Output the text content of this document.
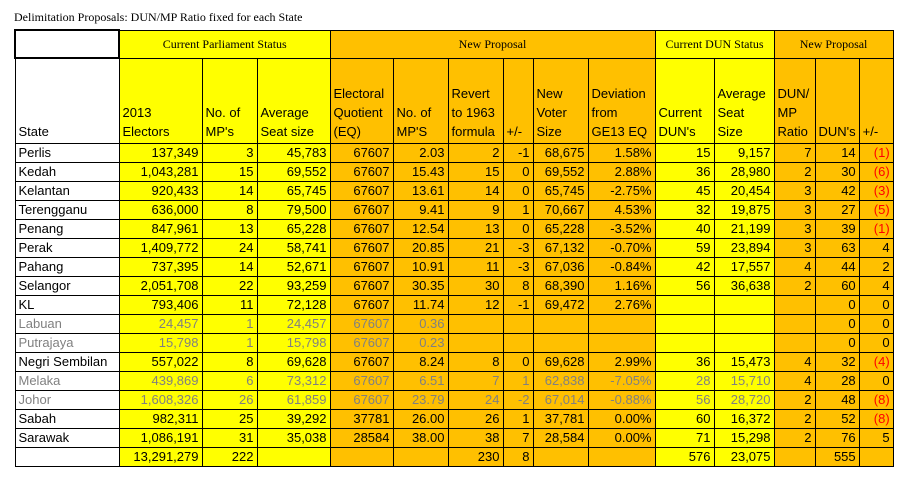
Delimitation Proposals: DUN/MP Ratio fixed for each State
	Current Parliament Status			New Proposal						Current DUN Status		New Proposal		
State	2013 Electors	No. of MP's	Average Seat size	Electoral Quotient (EQ)	No. of MP'S	Revert to 1963 formula	+/-	New Voter Size	Deviation from GE13 EQ	Current DUN's	Average Seat Size	DUN/ MP Ratio	DUN's	+/-
Perlis	137,349	3	45,783	67607	2.03	2	-1	68,675	1.58%	15	9,157	7	14	(1)
Kedah	1,043,281	15	69,552	67607	15.43	15	0	69,552	2.88%	36	28,980	2	30	(6)
Kelantan	920,433	14	65,745	67607	13.61	14	0	65,745	-2.75%	45	20,454	3	42	(3)
Terengganu	636,000	8	79,500	67607	9.41	9	1	70,667	4.53%	32	19,875	3	27	(5)
Penang	847,961	13	65,228	67607	12.54	13	0	65,228	-3.52%	40	21,199	3	39	(1)
Perak	1,409,772	24	58,741	67607	20.85	21	-3	67,132	-0.70%	59	23,894	3	63	4
Pahang	737,395	14	52,671	67607	10.91	11	-3	67,036	-0.84%	42	17,557	4	44	2
Selangor	2,051,708	22	93,259	67607	30.35	30	8	68,390	1.16%	56	36,638	2	60	4
KL	793,406	11	72,128	67607	11.74	12	-1	69,472	2.76%				0	0
Labuan	24,457	1	24,457	67607	0.36								0	0
Putrajaya	15,798	1	15,798	67607	0.23								0	0
Negri Sembilan	557,022	8	69,628	67607	8.24	8	0	69,628	2.99%	36	15,473	4	32	(4)
Melaka	439,869	6	73,312	67607	6.51	7	1	62,838	-7.05%	28	15,710	4	28	0
Johor	1,608,326	26	61,859	67607	23.79	24	-2	67,014	-0.88%	56	28,720	2	48	(8)
Sabah	982,311	25	39,292	37781	26.00	26	1	37,781	0.00%	60	16,372	2	52	(8)
Sarawak	1,086,191	31	35,038	28584	38.00	38	7	28,584	0.00%	71	15,298	2	76	5
	13,291,279	222				230	8			576	23,075		555	
